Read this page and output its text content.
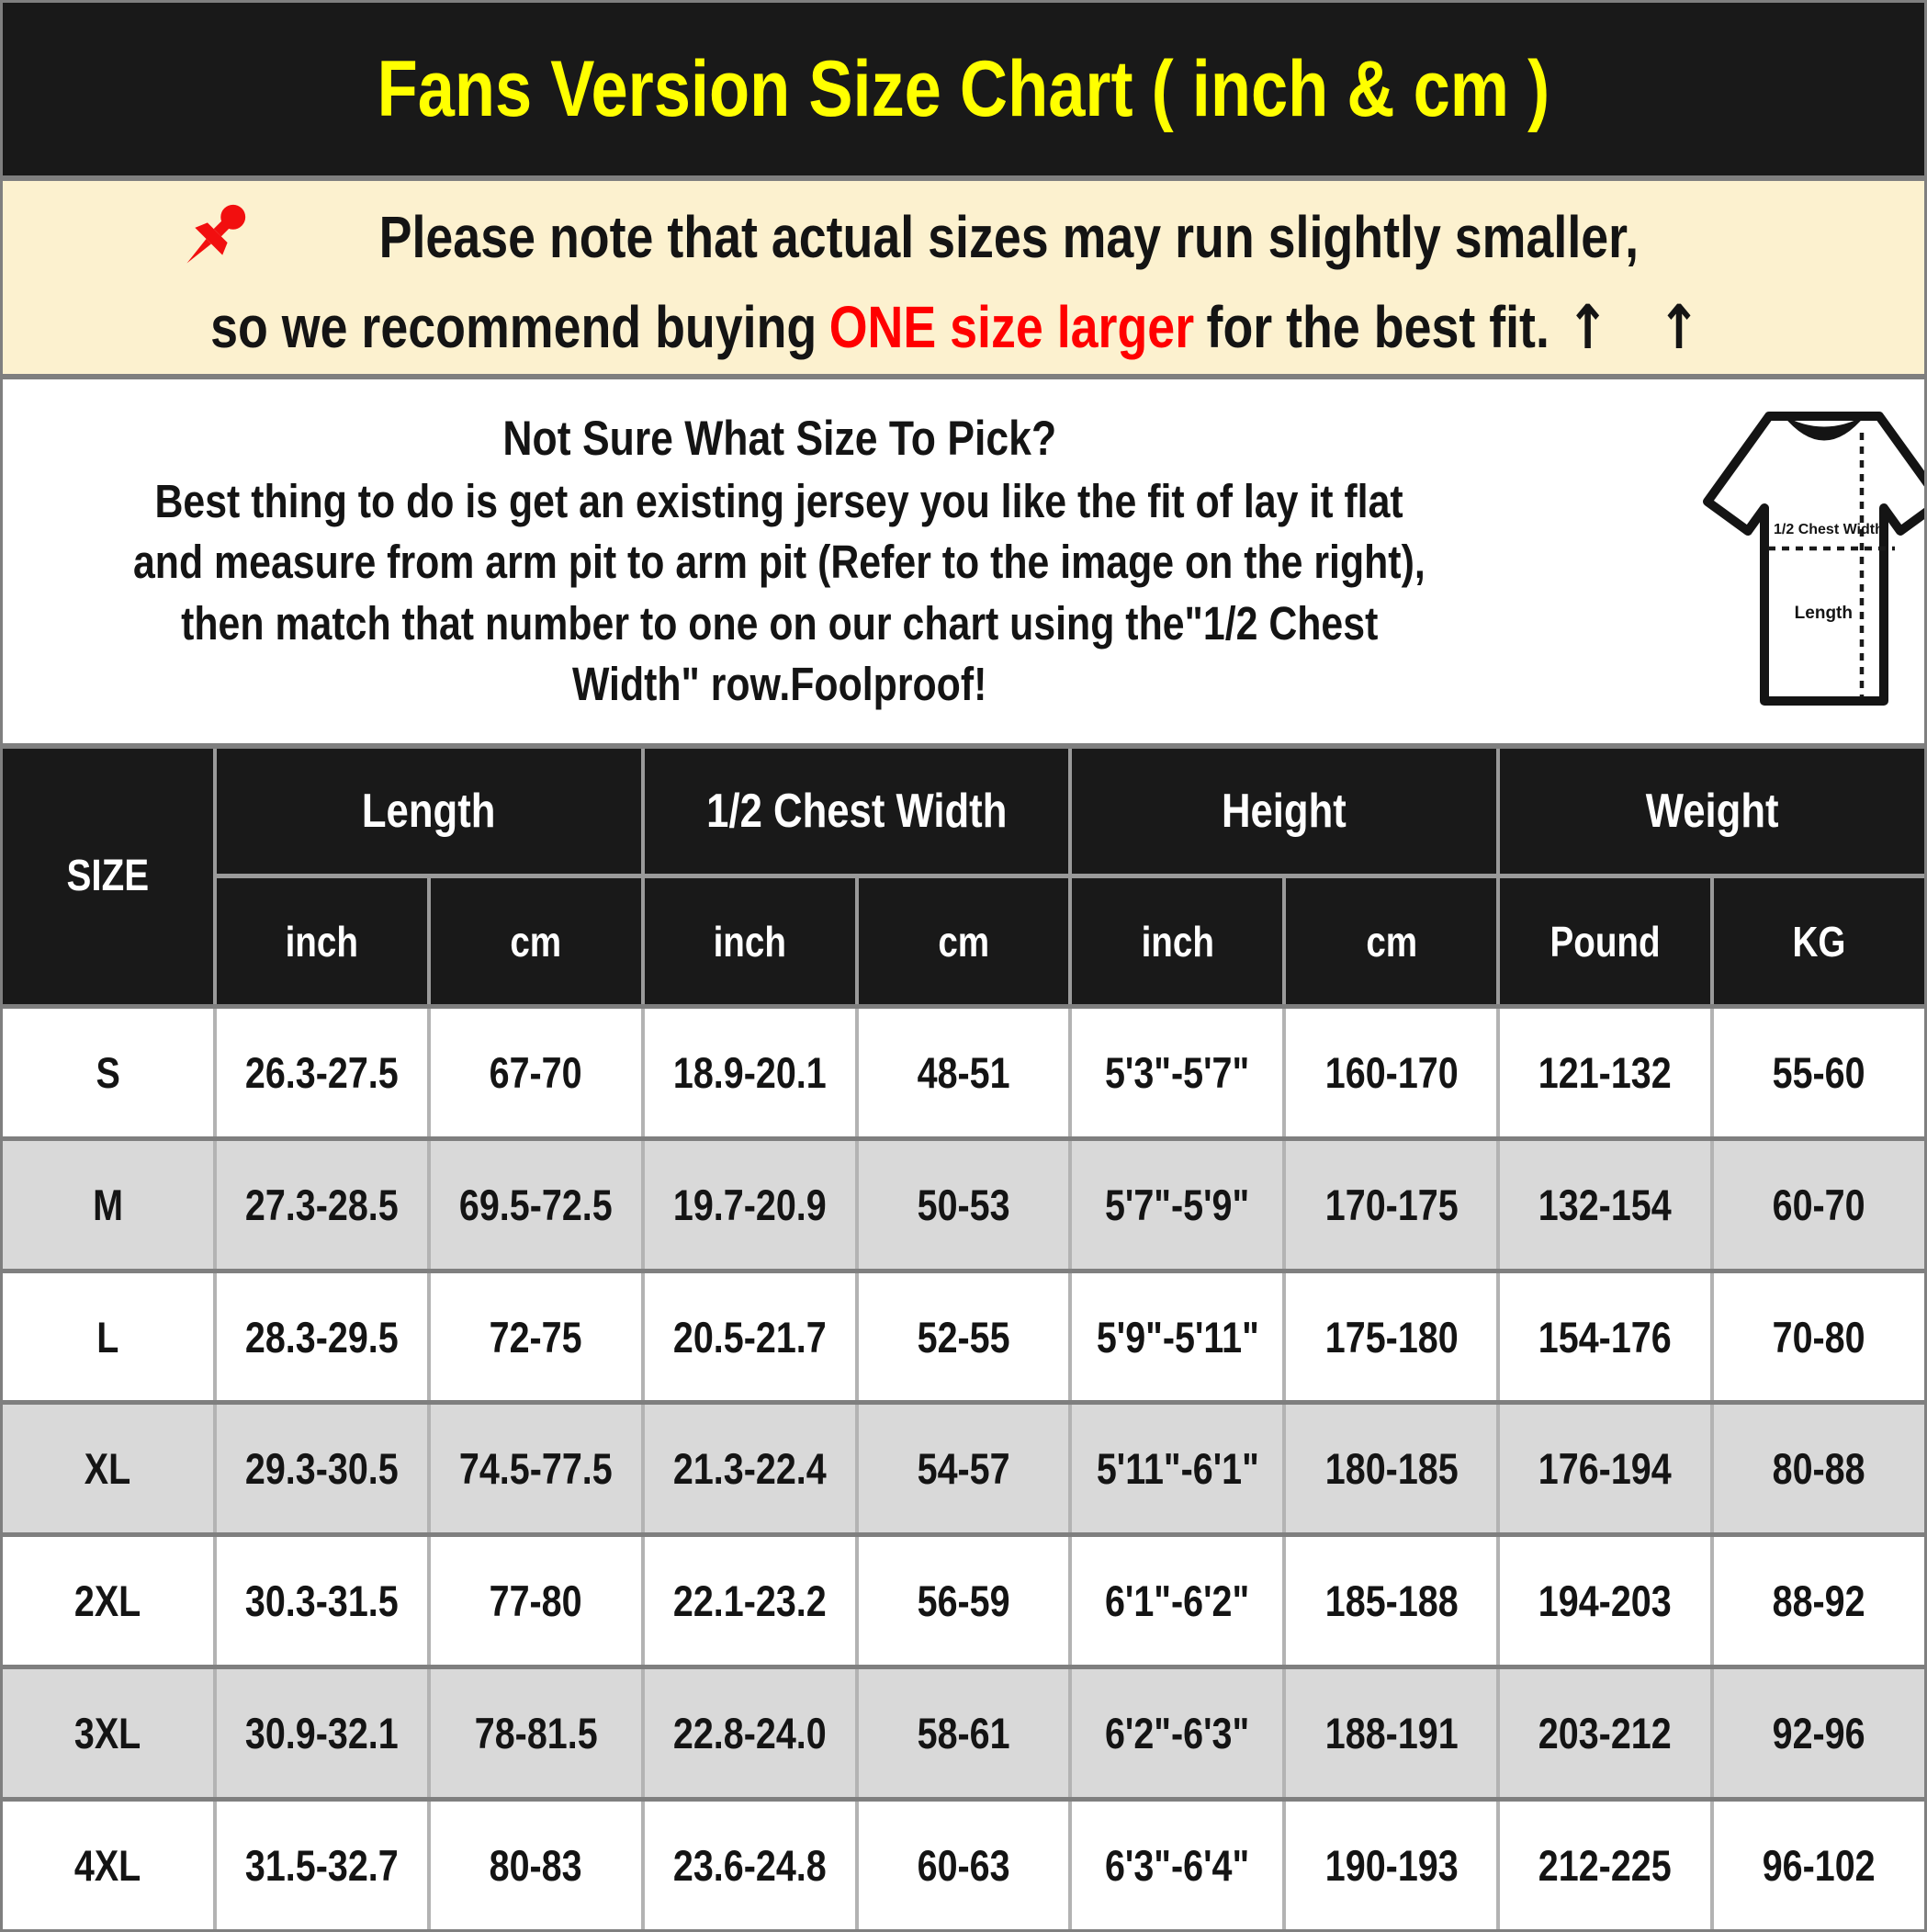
Fans Version Size Chart ( inch & cm )
Please note that actual sizes may run slightly smaller,
so we recommend buying ONE size larger for the best fit. ↑ ↑
Not Sure What Size To Pick?
Best thing to do is get an existing jersey you like the fit of lay it flat
and measure from arm pit to arm pit (Refer to the image on the right),
then match that number to one on our chart using the"1/2 Chest
Width" row.Foolproof!
1/2 Chest Width
Length
SIZE
Length	1/2 Chest Width	Height	Weight
inch	cm	inch	cm	inch	cm	Pound	KG
S	26.3-27.5 67-70 18.9-20.1 48-51 5'3"-5'7" 160-170 121-132 55-60
M	27.3-28.5 69.5-72.5 19.7-20.9 50-53 5'7"-5'9" 170-175 132-154 60-70
L	28.3-29.5 72-75 20.5-21.7 52-55 5'9"-5'11" 175-180 154-176 70-80
XL	29.3-30.5 74.5-77.5 21.3-22.4 54-57 5'11"-6'1" 180-185 176-194 80-88
2XL 30.3-31.5 77-80 22.1-23.2 56-59 6'1"-6'2" 185-188 194-203 88-92
3XL 30.9-32.1 78-81.5 22.8-24.0 58-61 6'2"-6'3" 188-191 203-212 92-96
4XL 31.5-32.7 80-83 23.6-24.8 60-63 6'3"-6'4" 190-193 212-225 96-102
